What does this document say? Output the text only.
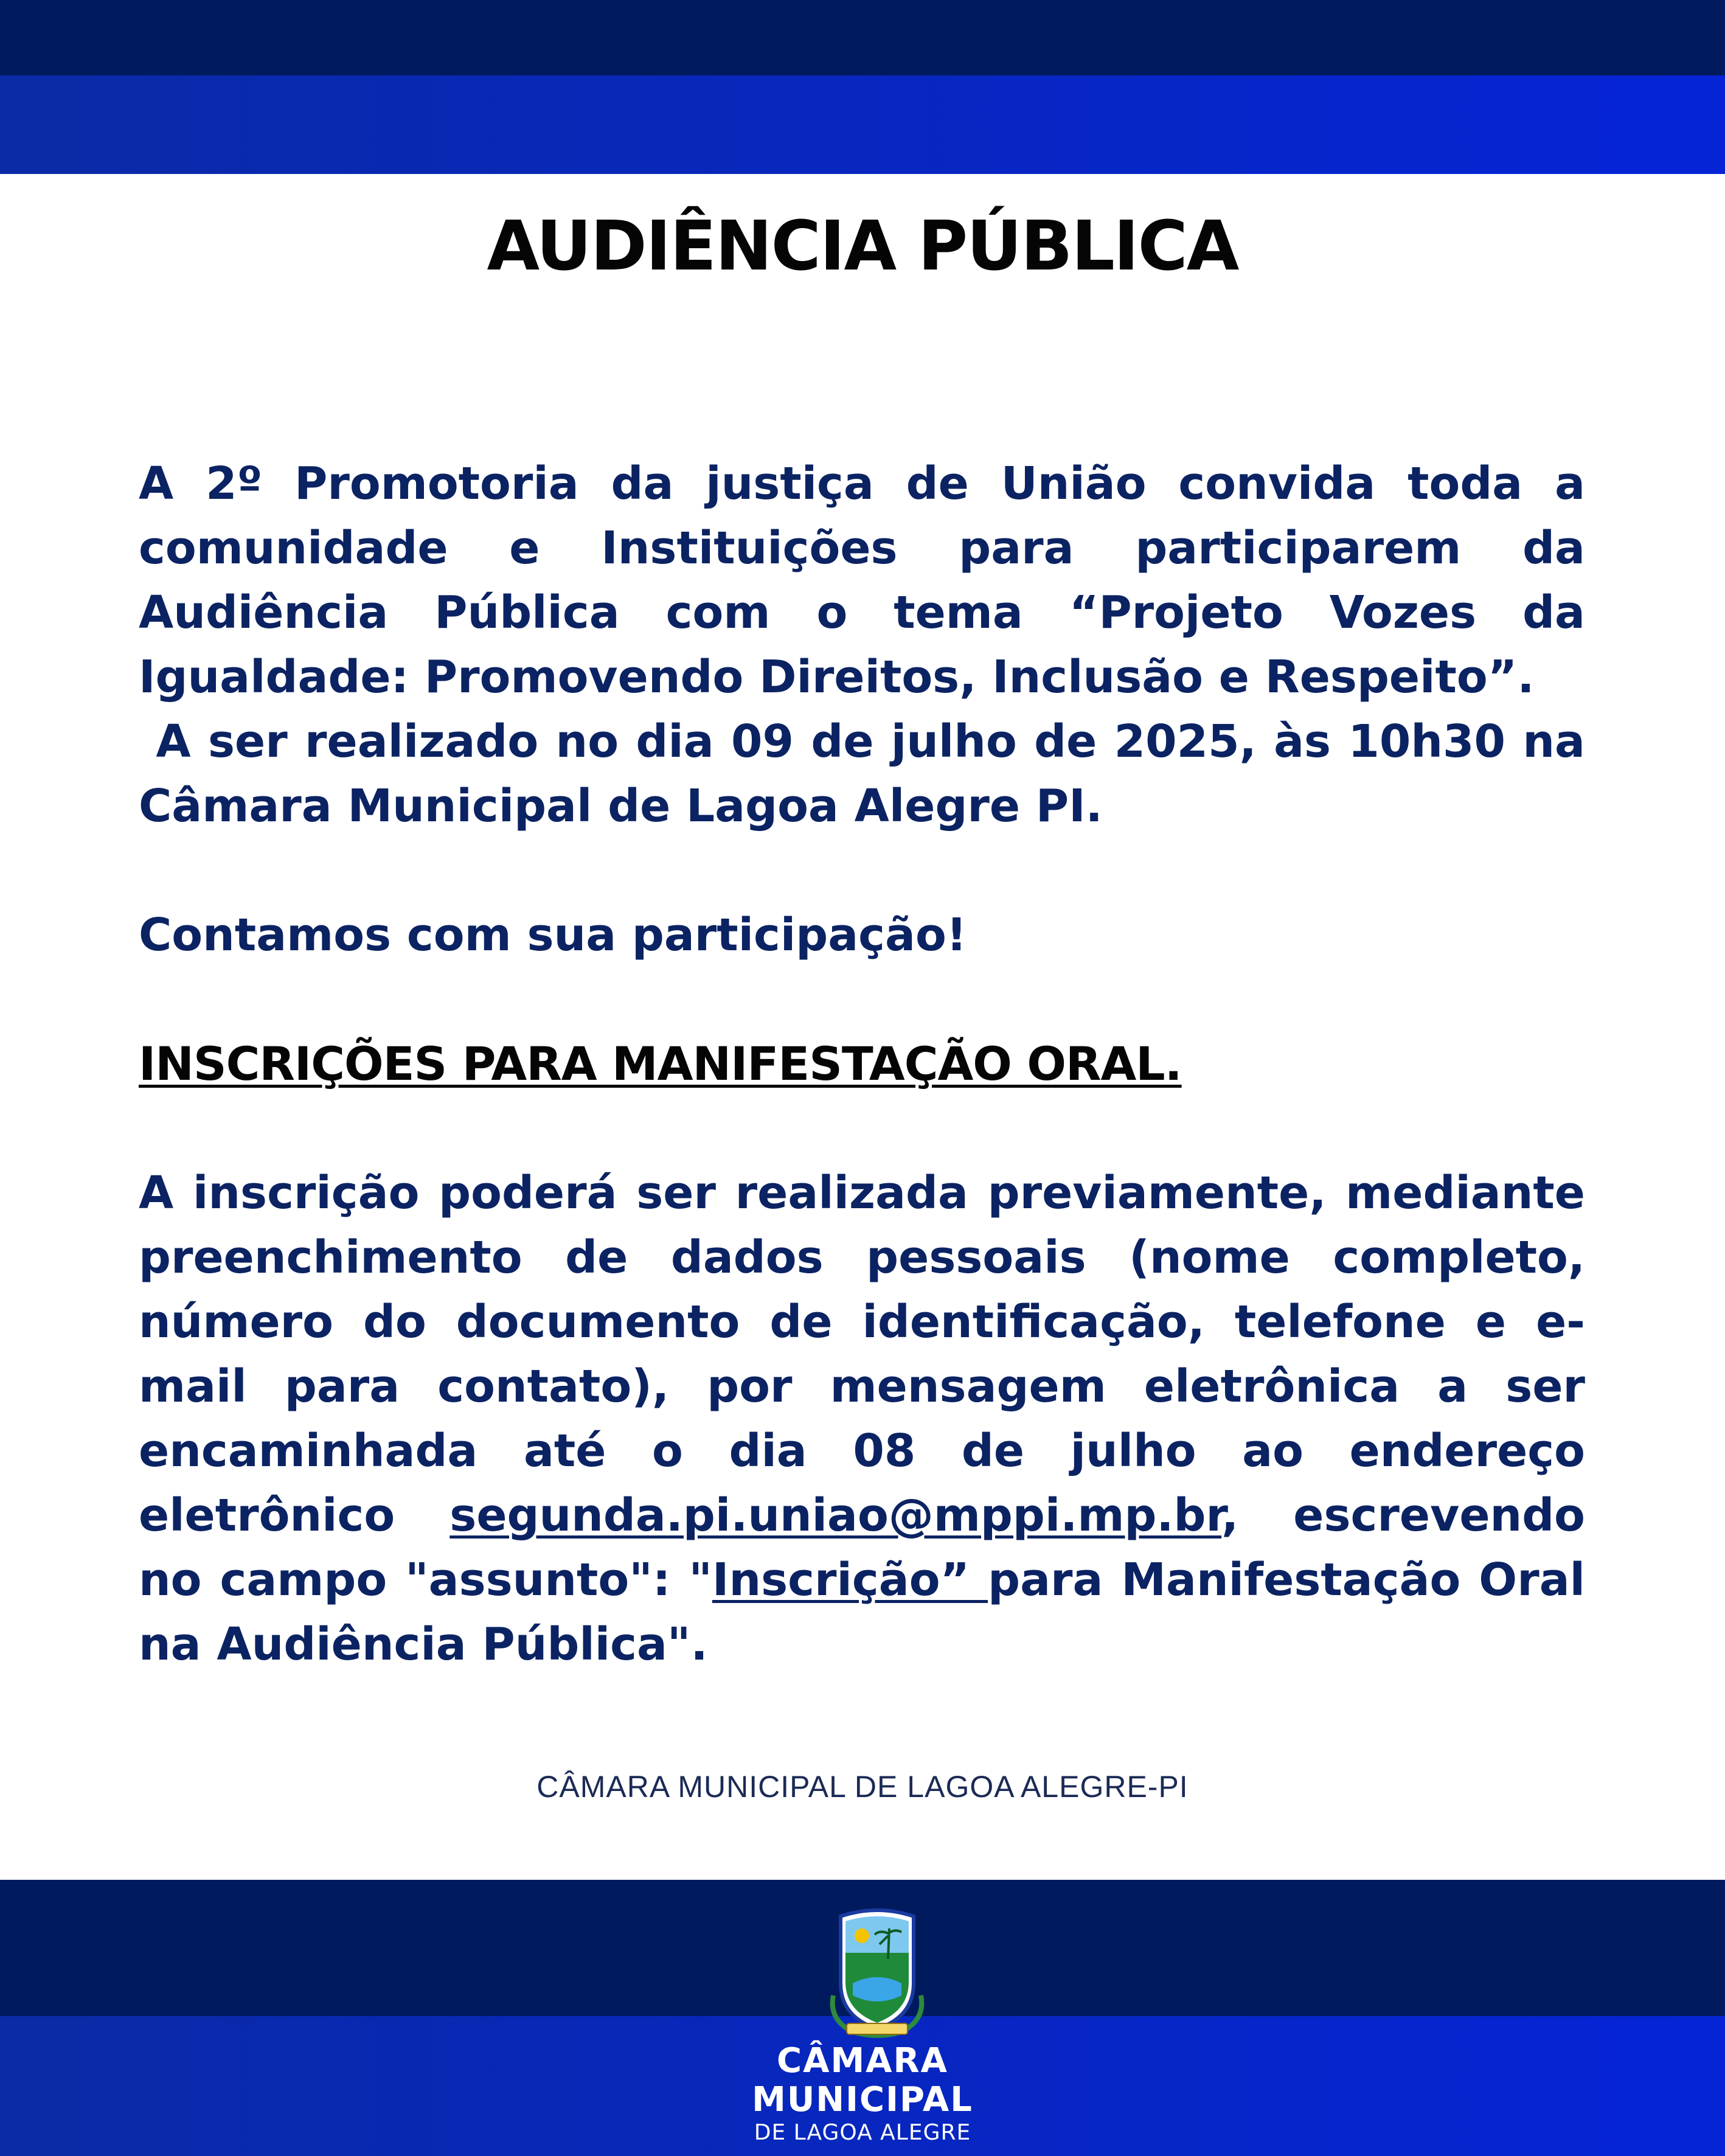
AUDIÊNCIA PÚBLICA

A 2º Promotoria da justiça de União convida toda a comunidade e Instituições para participarem da Audiência Pública com o tema “Projeto Vozes da Igualdade: Promovendo Direitos, Inclusão e Respeito”.
A ser realizado no dia 09 de julho de 2025, às 10h30 na Câmara Municipal de Lagoa Alegre PI.

Contamos com sua participação!

INSCRIÇÕES PARA MANIFESTAÇÃO ORAL.

A inscrição poderá ser realizada previamente, mediante preenchimento de dados pessoais (nome completo, número do documento de identificação, telefone e e-mail para contato), por mensagem eletrônica a ser encaminhada até o dia 08 de julho ao endereço eletrônico segunda.pi.uniao@mppi.mp.br, escrevendo no campo "assunto": "Inscrição” para Manifestação Oral na Audiência Pública".

CÂMARA MUNICIPAL DE LAGOA ALEGRE-PI
CÂMARA
MUNICIPAL
DE LAGOA ALEGRE
